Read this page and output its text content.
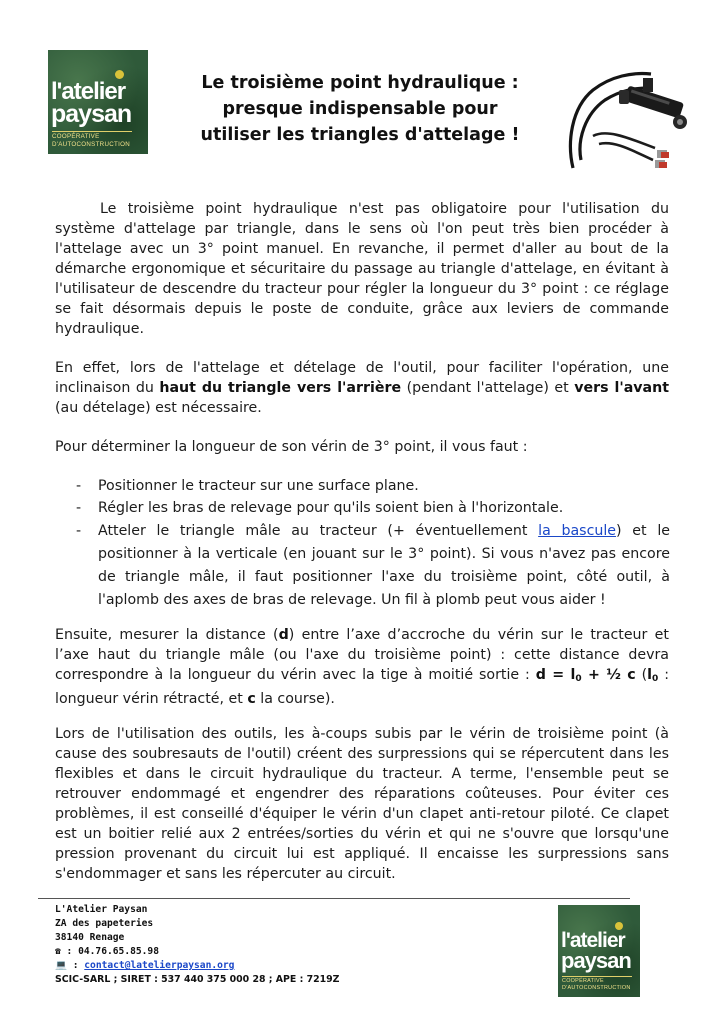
l'atelier
paysan
COOPÉRATIVE
D'AUTOCONSTRUCTION
Le troisième point hydraulique :
presque indispensable pour
utiliser les triangles d'attelage !
Le troisième point hydraulique n'est pas obligatoire pour l'utilisation du système d'attelage par triangle, dans le sens où l'on peut très bien procéder à l'attelage avec un 3° point manuel. En revanche, il permet d'aller au bout de la démarche ergonomique et sécuritaire du passage au triangle d'attelage, en évitant à l'utilisateur de descendre du tracteur pour régler la longueur du 3° point : ce réglage se fait désormais depuis le poste de conduite, grâce aux leviers de commande hydraulique.
En effet, lors de l'attelage et dételage de l'outil, pour faciliter l'opération, une inclinaison du haut du triangle vers l'arrière (pendant l'attelage) et vers l'avant (au dételage) est nécessaire.
Pour déterminer la longueur de son vérin de 3° point, il vous faut :
- Positionner le tracteur sur une surface plane.
- Régler les bras de relevage pour qu'ils soient bien à l'horizontale.
- Atteler le triangle mâle au tracteur (+ éventuellement la bascule) et le positionner à la verticale (en jouant sur le 3° point). Si vous n'avez pas encore de triangle mâle, il faut positionner l'axe du troisième point, côté outil, à l'aplomb des axes de bras de relevage. Un fil à plomb peut vous aider !
Ensuite, mesurer la distance (d) entre l’axe d’accroche du vérin sur le tracteur et l’axe haut du triangle mâle (ou l'axe du troisième point) : cette distance devra correspondre à la longueur du vérin avec la tige à moitié sortie : $d = l_0$ + ½ c ($l_0$ : longueur vérin rétracté, et c la course).
Lors de l'utilisation des outils, les à-coups subis par le vérin de troisième point (à cause des soubresauts de l'outil) créent des surpressions qui se répercutent dans les flexibles et dans le circuit hydraulique du tracteur. A terme, l'ensemble peut se retrouver endommagé et engendrer des réparations coûteuses. Pour éviter ces problèmes, il est conseillé d'équiper le vérin d'un clapet anti-retour piloté. Ce clapet est un boitier relié aux 2 entrées/sorties du vérin et qui ne s'ouvre que lorsqu'une pression provenant du circuit lui est appliqué. Il encaisse les surpressions sans s'endommager et sans les répercuter au circuit.
L'Atelier Paysan
ZA des papeteries
38140 Renage
☎ : 04.76.65.85.98
💻 : contact@latelierpaysan.org
SCIC-SARL ; SIRET : 537 440 375 000 28 ; APE : 7219Z
l'atelier
paysan
COOPÉRATIVE
D'AUTOCONSTRUCTION
